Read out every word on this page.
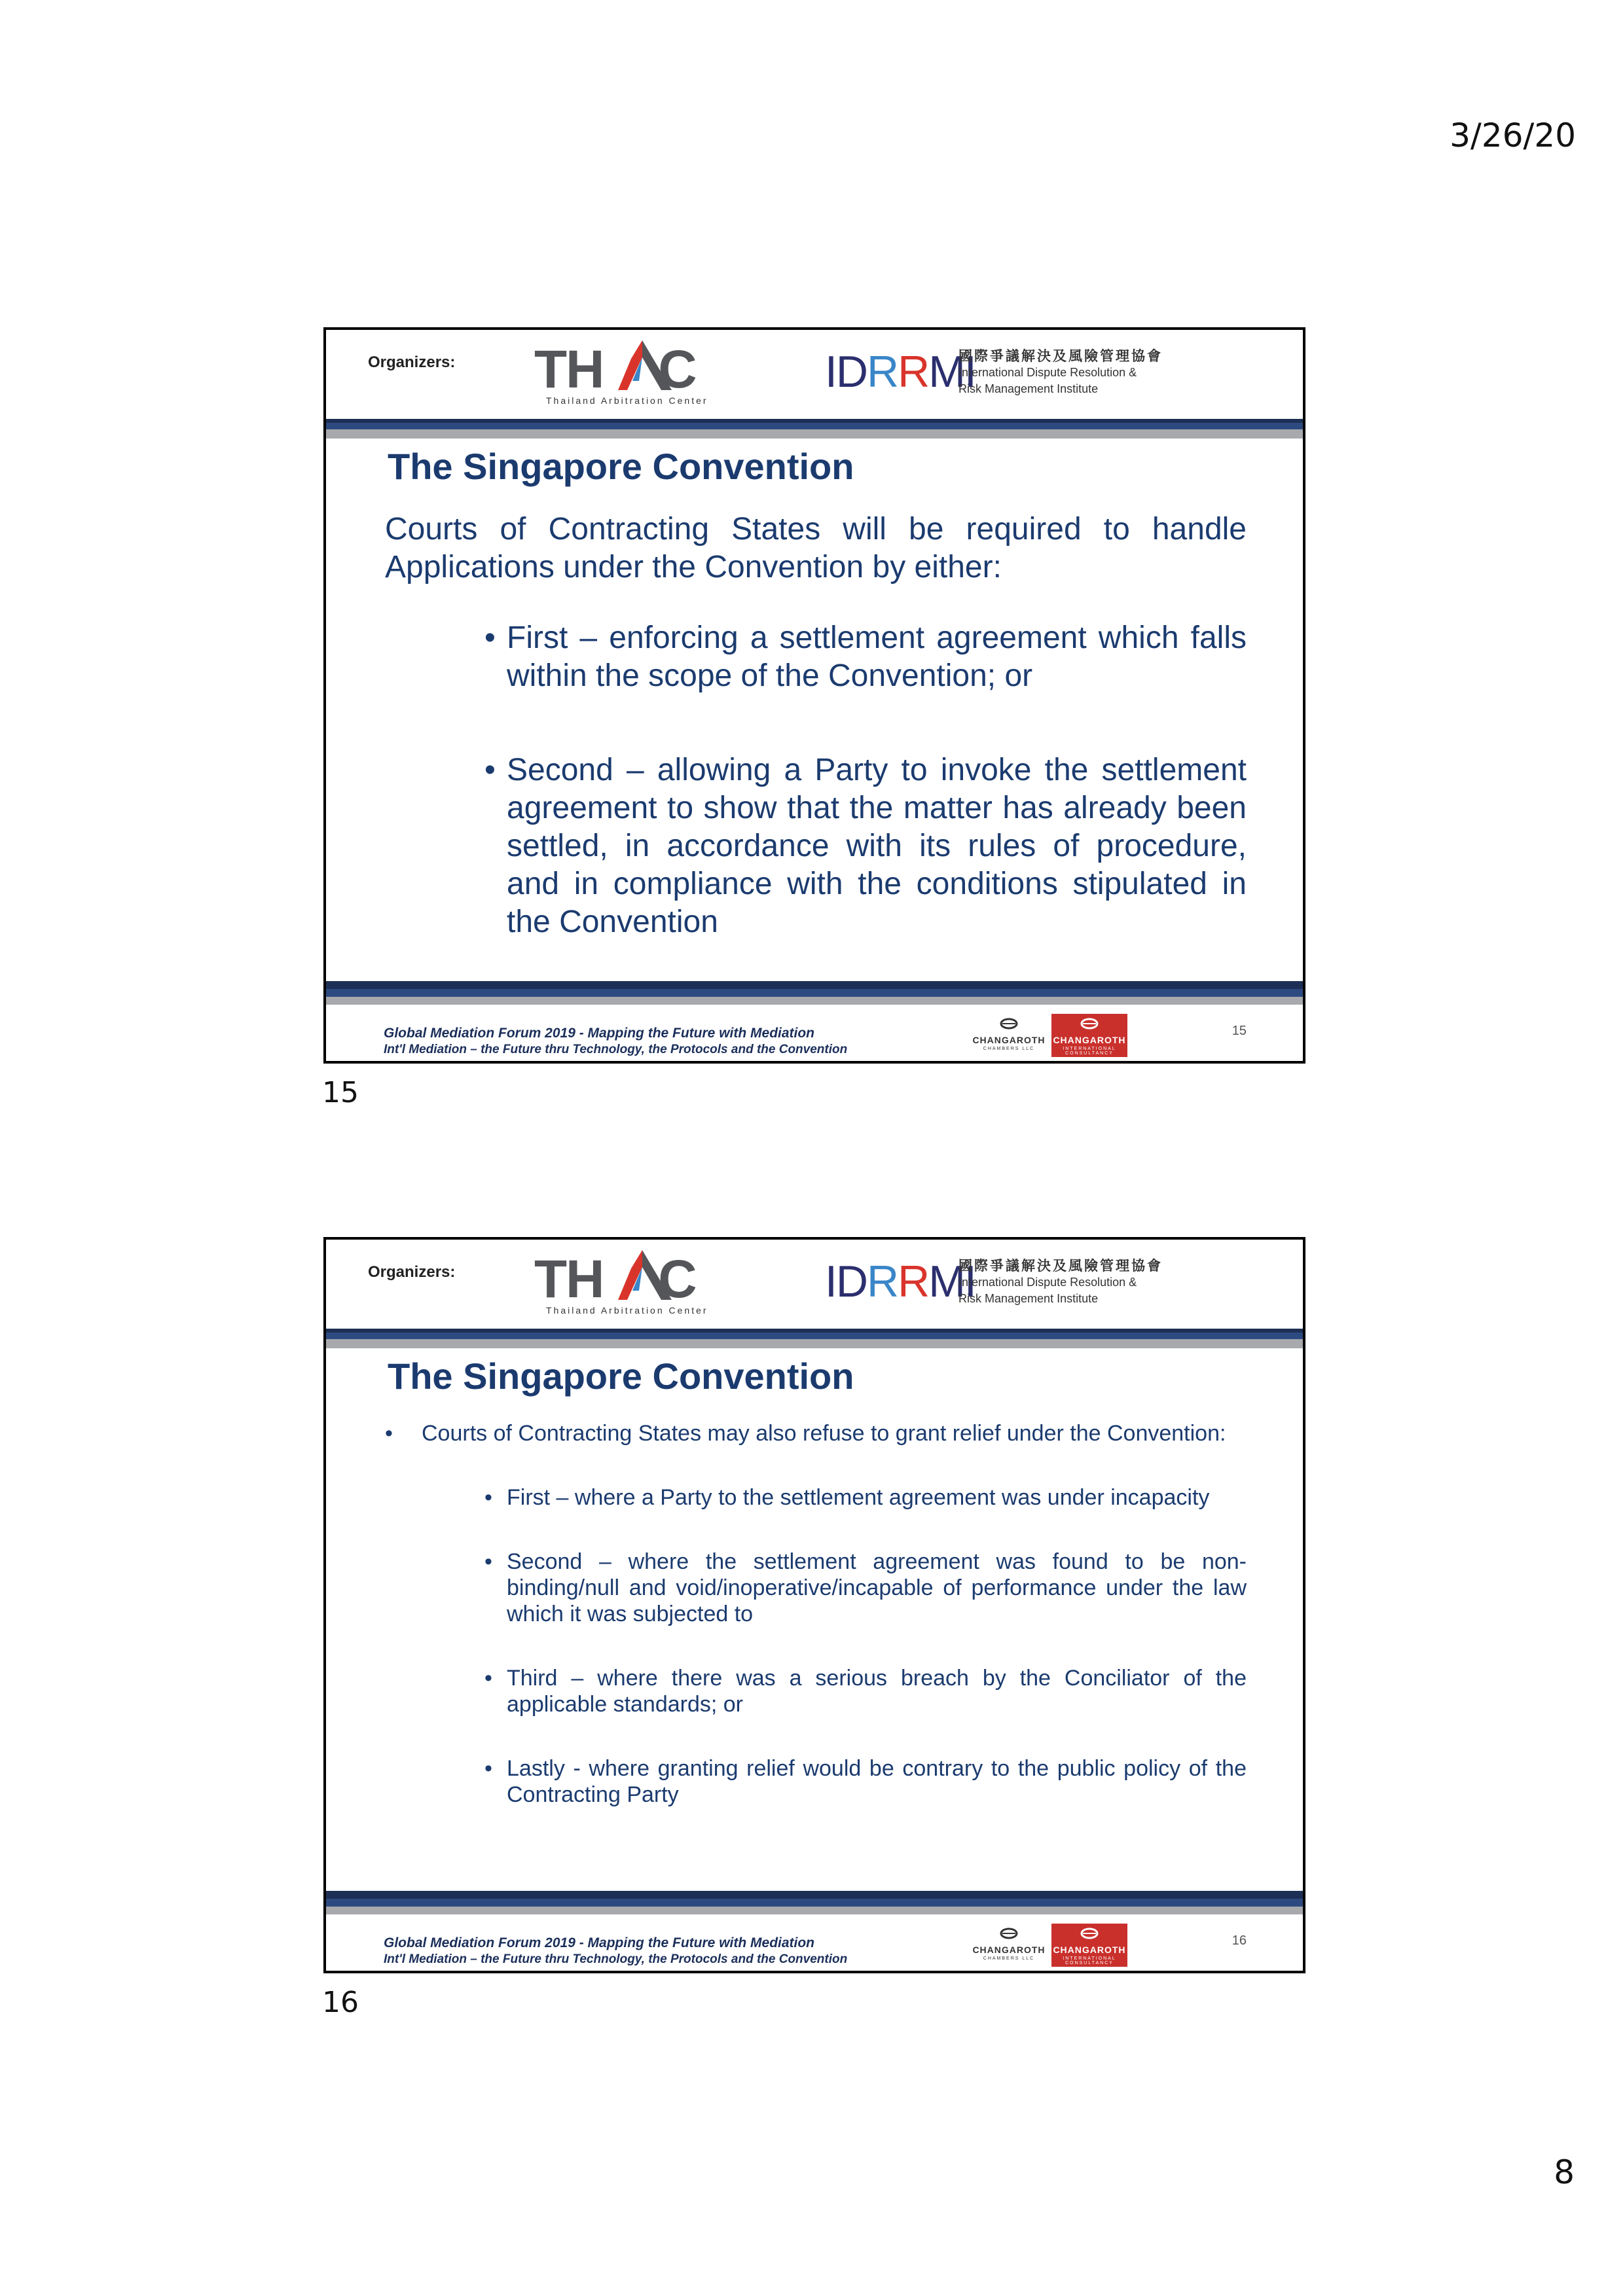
3/26/20
Organizers: TH C
Thailand Arbitration Center
IDRRMI
國際爭議解決及風險管理協會
International Dispute Resolution &
Risk Management Institute
The Singapore Convention
Courts of Contracting States will be required to handle Applications under the Convention by either:
• First – enforcing a settlement agreement which falls within the scope of the Convention; or
• Second – allowing a Party to invoke the settlement agreement to show that the matter has already been settled, in accordance with its rules of procedure, and in compliance with the conditions stipulated in the Convention
Global Mediation Forum 2019 - Mapping the Future with Mediation
Int'l Mediation – the Future thru Technology, the Protocols and the Convention
CHANGAROTH
CHAMBERS LLC
CHANGAROTH
INTERNATIONAL CONSULTANCY
15
15
Organizers: TH C
Thailand Arbitration Center
IDRRMI
國際爭議解決及風險管理協會
International Dispute Resolution &
Risk Management Institute
The Singapore Convention
• Courts of Contracting States may also refuse to grant relief under the Convention:
• First – where a Party to the settlement agreement was under incapacity
• Second – where the settlement agreement was found to be non-binding/null and void/inoperative/incapable of performance under the law which it was subjected to
• Third – where there was a serious breach by the Conciliator of the applicable standards; or
• Lastly - where granting relief would be contrary to the public policy of the Contracting Party
Global Mediation Forum 2019 - Mapping the Future with Mediation
Int'l Mediation – the Future thru Technology, the Protocols and the Convention
CHANGAROTH
CHAMBERS LLC
CHANGAROTH
INTERNATIONAL CONSULTANCY
16
16
8
